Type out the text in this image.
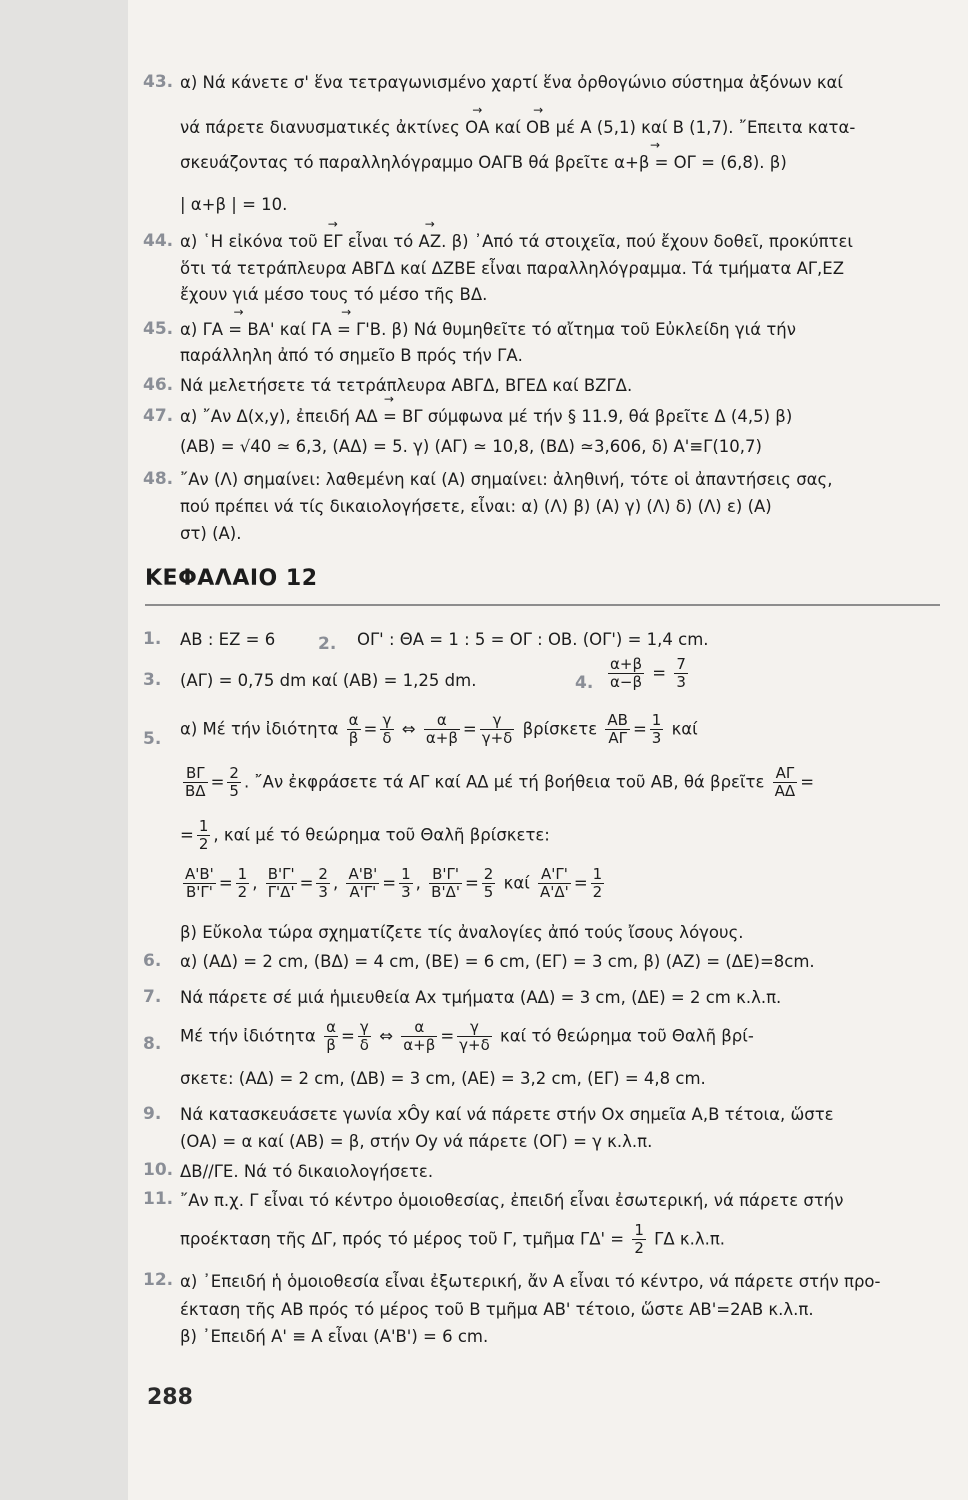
43. α) Νά κάνετε σ' ἕνα τετραγωνισμένο χαρτί ἕνα ὀρθογώνιο σύστημα ἀξόνων καί
νά πάρετε διανυσματικές ἀκτίνες ΟΑ → καί ΟΒ → μέ Α (5,1) καί Β (1,7). ῎Επειτα κατα-
σκευάζοντας τό παραλληλόγραμμο ΟΑΓΒ θά βρεῖτε α+β = ΟΓ → = (6,8). β)
| α+β | = 10.
44. α) ῾Η εἰκόνα τοῦ ΕΓ → εἶναι τό ΑΖ →. β) ᾿Από τά στοιχεῖα, πού ἔχουν δοθεῖ, προκύπτει
ὅτι τά τετράπλευρα ΑΒΓΔ καί ΔΖΒΕ εἶναι παραλληλόγραμμα. Τά τμήματα ΑΓ,ΕΖ
ἔχουν γιά μέσο τους τό μέσο τῆς ΒΔ.
45. α) ΓΑ = ΒΑ' → καί ΓΑ = Γ'Β →. β) Νά θυμηθεῖτε τό αἴτημα τοῦ Εὐκλείδη γιά τήν
παράλληλη ἀπό τό σημεῖο Β πρός τήν ΓΑ.
46. Νά μελετήσετε τά τετράπλευρα ΑΒΓΔ, ΒΓΕΔ καί ΒΖΓΔ.
47. α) ῎Αν Δ(x,y), ἐπειδή ΑΔ = ΒΓ → σύμφωνα μέ τήν § 11.9, θά βρεῖτε Δ (4,5) β)
(ΑΒ) = √40 ≃ 6,3, (ΑΔ) = 5. γ) (ΑΓ) ≃ 10,8, (ΒΔ) ≃3,606, δ) Α'≡Γ(10,7)
48. ῎Αν (Λ) σημαίνει: λαθεμένη καί (Α) σημαίνει: ἀληθινή, τότε οἱ ἀπαντήσεις σας,
πού πρέπει νά τίς δικαιολογήσετε, εἶναι: α) (Λ) β) (Α) γ) (Λ) δ) (Λ) ε) (Α)
στ) (Α).
ΚΕΦΑΛΑΙΟ 12
1. ΑΒ : ΕΖ = 6	2. ΟΓ' : ΘΑ = 1 : 5 = ΟΓ : ΟΒ. (ΟΓ') = 1,4 cm.
3. (ΑΓ) = 0,75 dm καί (ΑΒ) = 1,25 dm.	4. $\frac{\alpha+\beta}{\alpha-\beta} = \frac{7}{3}$
5.
α) Μέ τήν ἰδιότητα $\frac{\alpha}{\beta} = \frac{\gamma}{\delta}$ ⇔ $\frac{\alpha}{\alpha+\beta} = \frac{\gamma}{\gamma+\delta}$ βρίσκετε $\frac{AB}{A\Gamma} = \frac{1}{3}$ καί
$\frac{B\Gamma}{B\Delta} = \frac{2}{5}$ . ῎Αν ἐκφράσετε τά ΑΓ καί ΑΔ μέ τή βοήθεια τοῦ ΑΒ, θά βρεῖτε $\frac{A\Gamma}{A\Delta}$ =
= $\frac{1}{2}$ , καί μέ τό θεώρημα τοῦ Θαλῆ βρίσκετε:
$\frac{A'B'}{B'\Gamma'} = \frac{1}{2}$ , $\frac{B'\Gamma'}{\Gamma'\Delta'} = \frac{2}{3}$ , $\frac{A'B'}{A'\Gamma'} = \frac{1}{3}$ , $\frac{B'\Gamma'}{B'\Delta'} = \frac{2}{5}$ καί $\frac{A'\Gamma'}{A'\Delta'} = \frac{1}{2}$
β) Εὔκολα τώρα σχηματίζετε τίς ἀναλογίες ἀπό τούς ἴσους λόγους.
6. α) (ΑΔ) = 2 cm, (ΒΔ) = 4 cm, (ΒΕ) = 6 cm, (ΕΓ) = 3 cm, β) (ΑΖ) = (ΔΕ)=8cm.
7. Νά πάρετε σέ μιά ἡμιευθεία Αx τμήματα (ΑΔ) = 3 cm, (ΔΕ) = 2 cm κ.λ.π.
8. Μέ τήν ἰδιότητα $\frac{\alpha}{\beta} = \frac{\gamma}{\delta}$ ⇔ $\frac{\alpha}{\alpha+\beta} = \frac{\gamma}{\gamma+\delta}$ καί τό θεώρημα τοῦ Θαλῆ βρί-
σκετε: (ΑΔ) = 2 cm, (ΔΒ) = 3 cm, (ΑΕ) = 3,2 cm, (ΕΓ) = 4,8 cm.
9. Νά κατασκευάσετε γωνία xÔy καί νά πάρετε στήν Οx σημεῖα Α,Β τέτοια, ὥστε
(ΟΑ) = α καί (ΑΒ) = β, στήν Οy νά πάρετε (ΟΓ) = γ κ.λ.π.
10. ΔΒ//ΓΕ. Νά τό δικαιολογήσετε.
11. ῎Αν π.χ. Γ εἶναι τό κέντρο ὁμοιοθεσίας, ἐπειδή εἶναι ἐσωτερική, νά πάρετε στήν
προέκταση τῆς ΔΓ, πρός τό μέρος τοῦ Γ, τμῆμα $\Gamma\Delta' = \frac{1}{2}$ ΓΔ κ.λ.π.
12. α) ᾿Επειδή ἡ ὁμοιοθεσία εἶναι ἐξωτερική, ἄν Α εἶναι τό κέντρο, νά πάρετε στήν προ-
έκταση τῆς ΑΒ πρός τό μέρος τοῦ Β τμῆμα ΑΒ' τέτοιο, ὥστε ΑΒ'=2ΑΒ κ.λ.π.
β) ᾿Επειδή Α' ≡ Α εἶναι (Α'Β') = 6 cm.
288
